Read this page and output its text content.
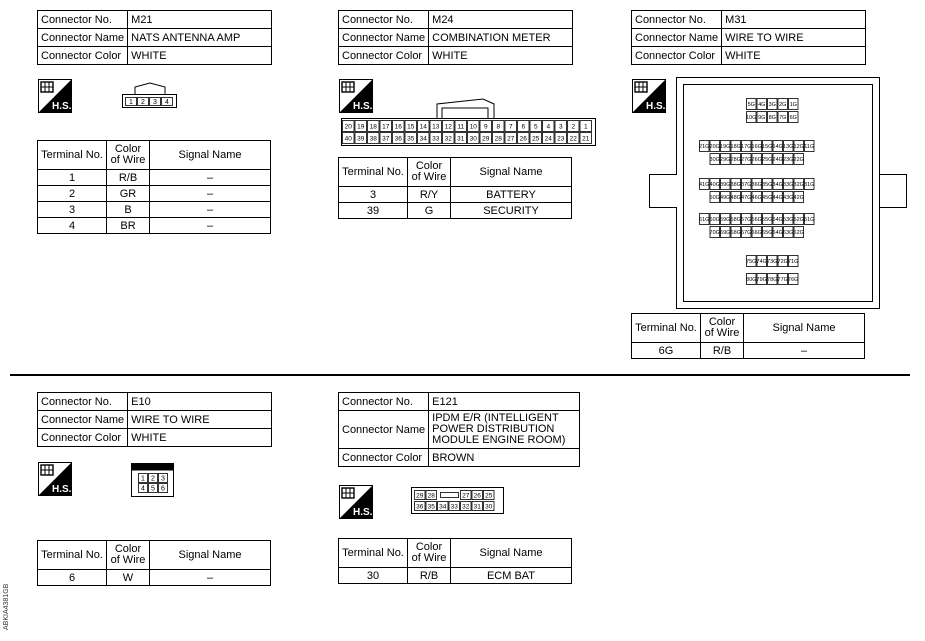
Connector No.	M21
Connector Name	NATS ANTENNA AMP
Connector Color	WHITE
H.S.	1 2 3 4
Terminal No.	Color of Wire	Signal Name
1	R/B	–
2	GR	–
3	B	–
4	BR	–
Connector No.	M24
Connector Name	COMBINATION METER
Connector Color	WHITE
H.S.
20 19 18 17 16 15 14 13 12 11 10 9 8 7 6 5 4 3 2 1
40 39 38 37 36 35 34 33 32 31 30 29 28 27 26 25 24 23 22 21
Terminal No.	Color of Wire	Signal Name
3	R/Y	BATTERY
39	G	SECURITY
Connector No.	M31
Connector Name	WIRE TO WIRE
Connector Color	WHITE
H.S.	5G 4G 3G 2G 1G
10G 9G 8G 7G 6G
21G 20G 19G 18G 17G 16G 15G 14G 13G 12G 11G
30G 29G 28G 27G 26G 25G 24G 23G 22G
41G 40G 39G 38G 37G 36G 35G 34G 33G 32G 31G
50G 49G 48G 47G 46G 45G 44G 43G 42G
61G 60G 59G 58G 57G 56G 55G 54G 53G 52G 51G
70G 69G 68G 67G 66G 65G 64G 63G 62G
75G 74G 73G 72G 71G
80G 79G 78G 77G 76G
Terminal No.	Color of Wire	Signal Name
6G	R/B	–
Connector No.	E10
Connector Name	WIRE TO WIRE
Connector Color	WHITE
H.S.
1 2 3
4 5 6
Terminal No.	Color of Wire	Signal Name
6	W	–
Connector No.	E121
Connector Name	IPDM E/R (INTELLIGENT
POWER DISTRIBUTION
MODULE ENGINE ROOM)

Connector Color	BROWN
H.S.
29 28	27 26 25
36 35 34 33 32 31 30
Terminal No.	Color of Wire	Signal Name
30	R/B	ECM BAT
ABKIA4381GB
